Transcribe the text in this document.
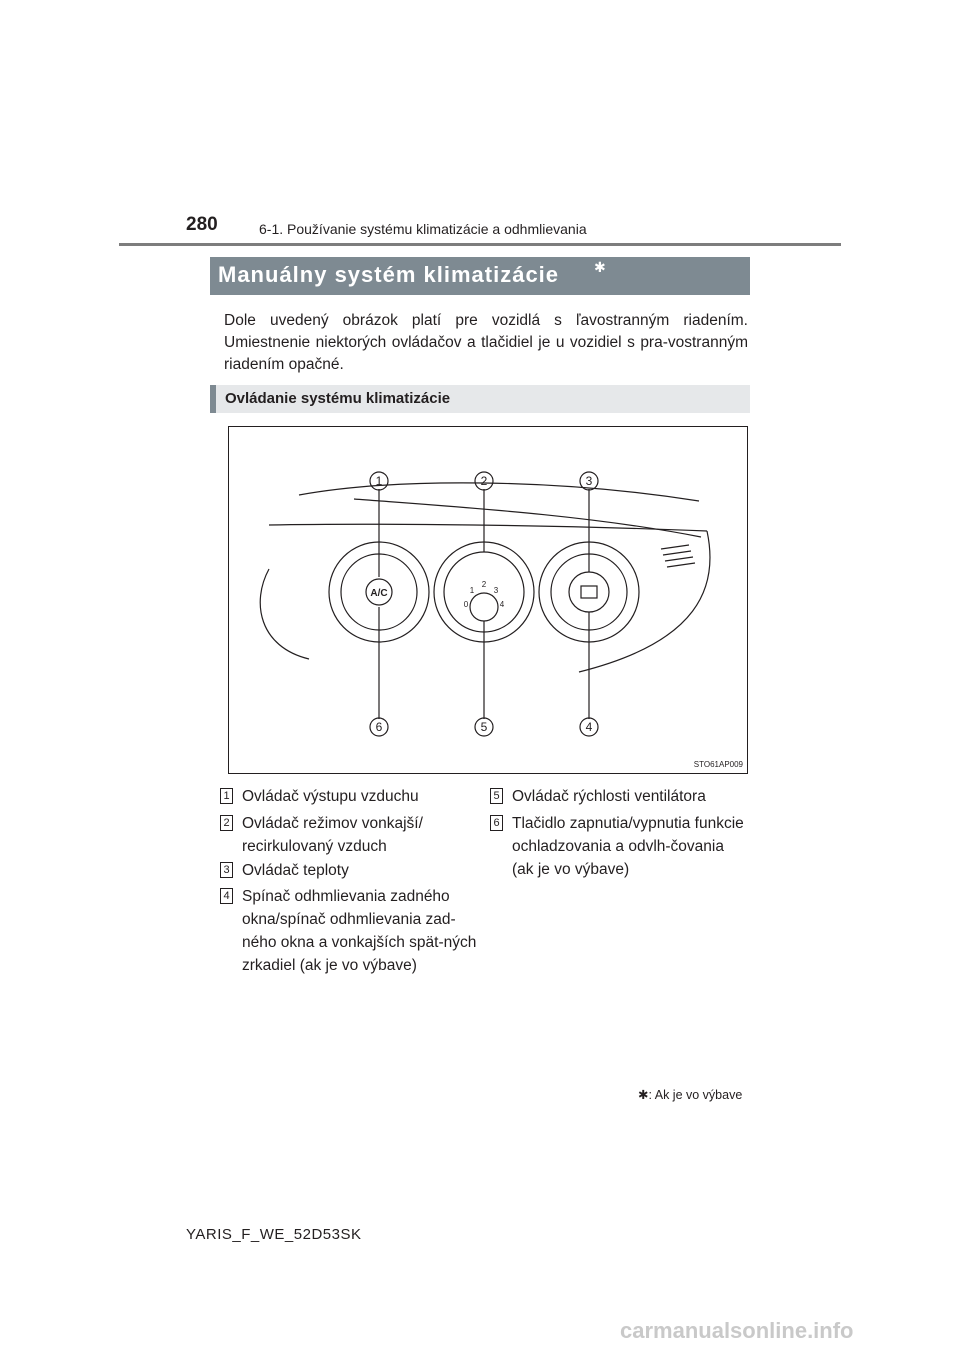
280	6-1. Používanie systému klimatizácie a odhmlievania
Manuálny systém klimatizácie ✱
Dole uvedený obrázok platí pre vozidlá s ľavostranným riadením. Umiestnenie niektorých ovládačov a tlačidiel je u vozidiel s pra-vostranným riadením opačné.
Ovládanie systému klimatizácie
1	2	3
6	5	4
A/C
0
1
2
3
4
STO61AP009
1 Ovládač výstupu vzduchu
2 Ovládač režimov vonkajší/ recirkulovaný vzduch
3 Ovládač teploty
4 Spínač odhmlievania zadného okna/spínač odhmlievania zad-ného okna a vonkajších spät-ných zrkadiel (ak je vo výbave)
5 Ovládač rýchlosti ventilátora
6 Tlačidlo zapnutia/vypnutia funkcie ochladzovania a odvlh-čovania (ak je vo výbave)
✱: Ak je vo výbave
YARIS_F_WE_52D53SK
carmanualsonline.info
